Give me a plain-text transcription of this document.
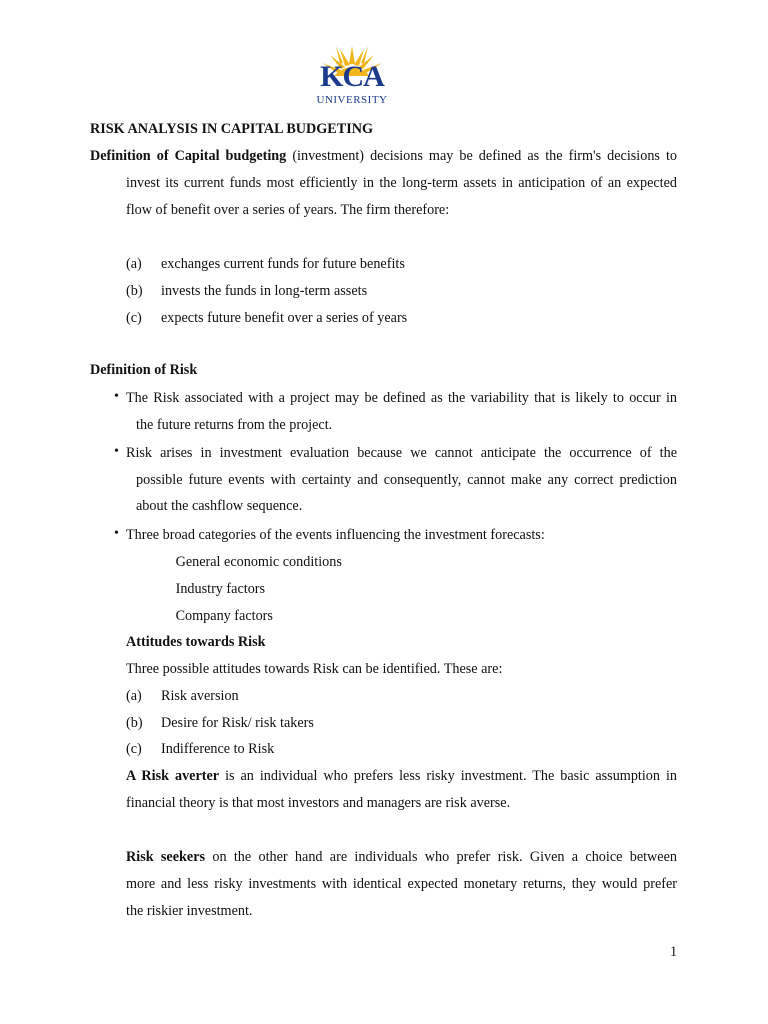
KCA
UNIVERSITY
· · · · ·
RISK ANALYSIS IN CAPITAL BUDGETING
Definition of Capital budgeting (investment) decisions may be defined as the firm's decisions to
invest its current funds most efficiently in the long-term assets in anticipation of an expected
flow of benefit over a series of years. The firm therefore:
(a) exchanges current funds for future benefits
(b) invests the funds in long-term assets
(c) expects future benefit over a series of years
Definition of Risk
• The Risk associated with a project may be defined as the variability that is likely to occur in
the future returns from the project.
• Risk arises in investment evaluation because we cannot anticipate the occurrence of the
possible future events with certainty and consequently, cannot make any correct prediction
about the cashflow sequence.
• Three broad categories of the events influencing the investment forecasts:
General economic conditions
Industry factors
Company factors
Attitudes towards Risk
Three possible attitudes towards Risk can be identified. These are:
(a) Risk aversion
(b) Desire for Risk/ risk takers
(c) Indifference to Risk
A Risk averter is an individual who prefers less risky investment. The basic assumption in
financial theory is that most investors and managers are risk averse.
Risk seekers on the other hand are individuals who prefer risk. Given a choice between
more and less risky investments with identical expected monetary returns, they would prefer
the riskier investment.
1
